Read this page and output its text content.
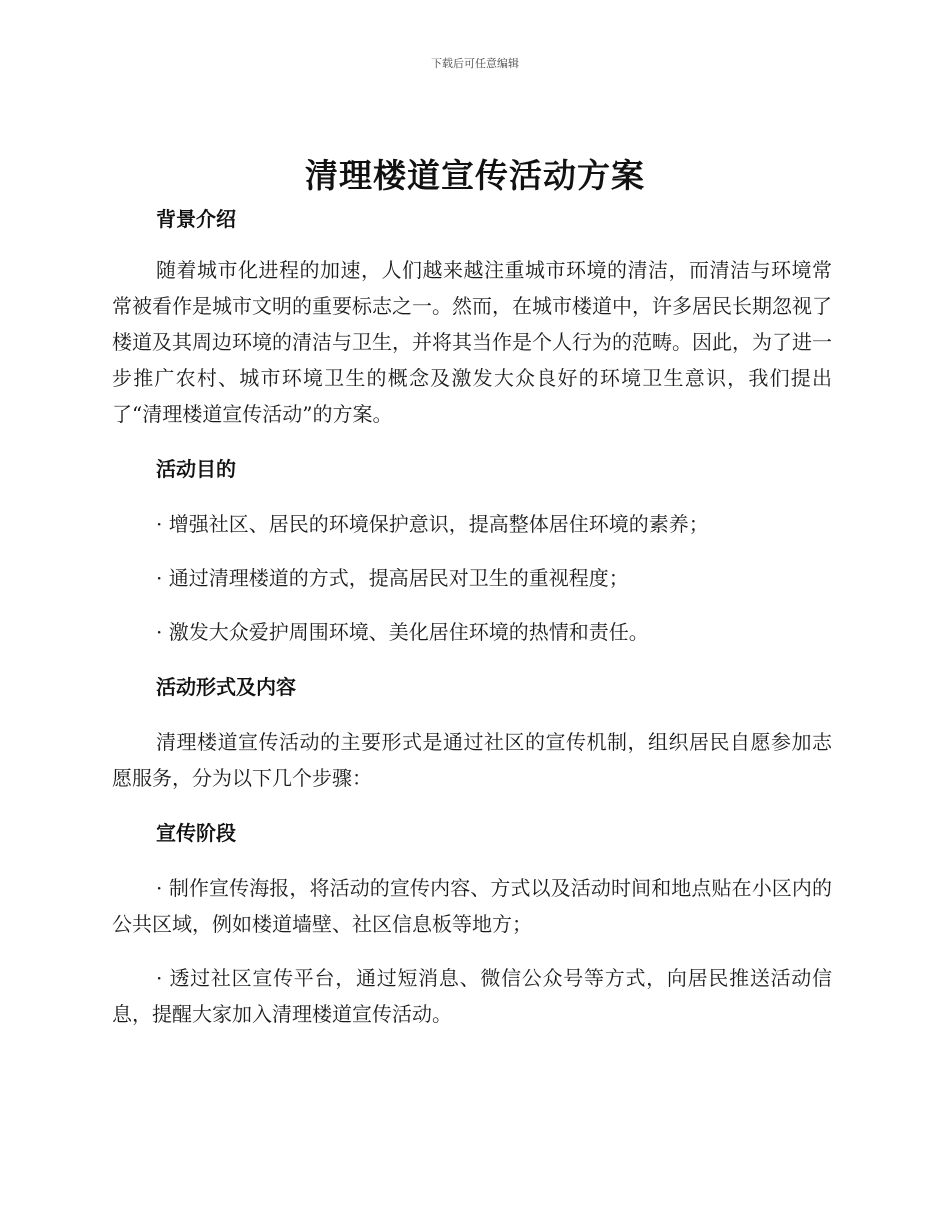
下载后可任意编辑
清理楼道宣传活动方案

背景介绍

随着城市化进程的加速，人们越来越注重城市环境的清洁，而清洁与环境常常被看作是城市文明的重要标志之一。然而，在城市楼道中，许多居民长期忽视了楼道及其周边环境的清洁与卫生，并将其当作是个人行为的范畴。因此，为了进一步推广农村、城市环境卫生的概念及激发大众良好的环境卫生意识，我们提出了“清理楼道宣传活动”的方案。

活动目的

· 增强社区、居民的环境保护意识，提高整体居住环境的素养；

· 通过清理楼道的方式，提高居民对卫生的重视程度；

· 激发大众爱护周围环境、美化居住环境的热情和责任。

活动形式及内容

清理楼道宣传活动的主要形式是通过社区的宣传机制，组织居民自愿参加志愿服务，分为以下几个步骤：

宣传阶段

· 制作宣传海报，将活动的宣传内容、方式以及活动时间和地点贴在小区内的公共区域，例如楼道墙壁、社区信息板等地方；

· 透过社区宣传平台，通过短消息、微信公众号等方式，向居民推送活动信息，提醒大家加入清理楼道宣传活动。
